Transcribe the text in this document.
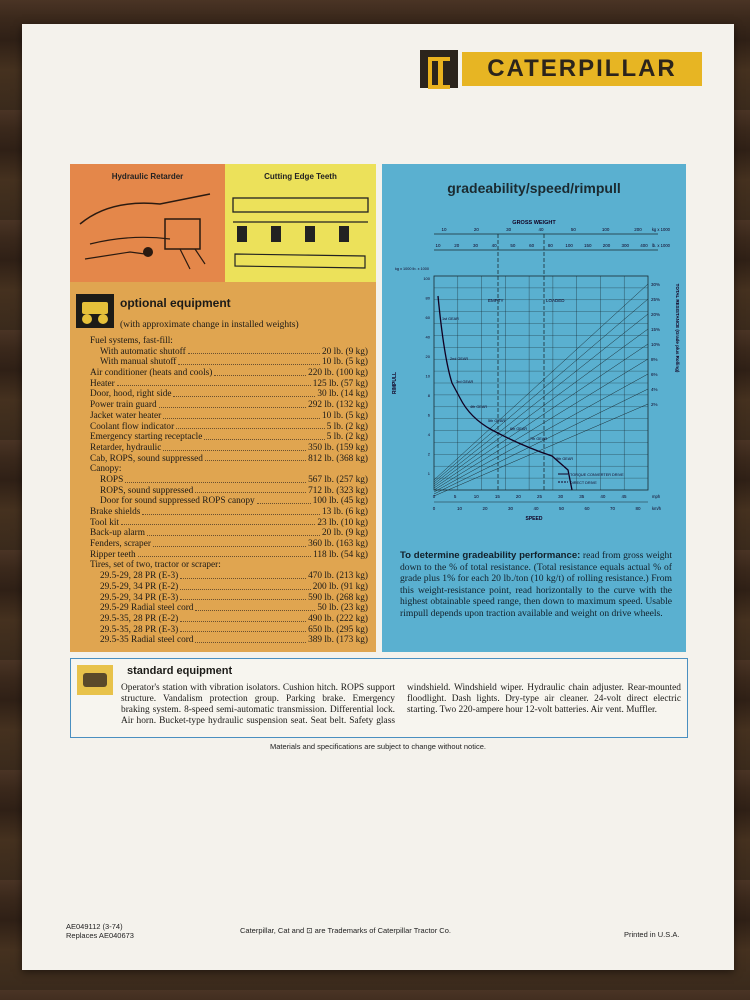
CATERPILLAR
Hydraulic Retarder	Cutting Edge Teeth
optional equipment
(with approximate change in installed weights)
Fuel systems, fast-fill:
With automatic shutoff	20 lb. (9 kg)
With manual shutoff	10 lb. (5 kg)
Air conditioner (heats and cools)	220 lb. (100 kg)
Heater	125 lb. (57 kg)
Door, hood, right side	30 lb. (14 kg)
Power train guard	292 lb. (132 kg)
Jacket water heater	10 lb. (5 kg)
Coolant flow indicator	5 lb. (2 kg)
Emergency starting receptacle	5 lb. (2 kg)
Retarder, hydraulic	350 lb. (159 kg)
Cab, ROPS, sound suppressed	812 lb. (368 kg)
Canopy:
ROPS	567 lb. (257 kg)
ROPS, sound suppressed	712 lb. (323 kg)
Door for sound suppressed ROPS canopy	100 lb. (45 kg)
Brake shields	13 lb. (6 kg)
Tool kit	23 lb. (10 kg)
Back-up alarm	20 lb. (9 kg)
Fenders, scraper	360 lb. (163 kg)
Ripper teeth	118 lb. (54 kg)
Tires, set of two, tractor or scraper:
29.5-29, 28 PR (E-3)	470 lb. (213 kg)
29.5-29, 34 PR (E-2)	200 lb. (91 kg)
29.5-29, 34 PR (E-3)	590 lb. (268 kg)
29.5-29 Radial steel cord	50 lb. (23 kg)
29.5-35, 28 PR (E-2)	490 lb. (222 kg)
29.5-35, 28 PR (E-3)	650 lb. (295 kg)
29.5-35 Radial steel cord	389 lb. (173 kg)
gradeability/speed/rimpull
GROSS WEIGHT
10	20	30	40	50	100	200
10	20	30	40	50	60	80	100 150 200 300 400
kg x 1000
lb. x 1000
30%
25%
20%
15%
10%
8%
6%
4%
2%
EMPTY	LOADED
1st GEAR
2nd GEAR
3rd GEAR
4th GEAR
5th GEAR
6th GEAR
7th GEAR
8th GEAR
RIMPULL
kg x 1000 lb. x 1000
100
80
60
40
20
10
8
6
4
2
1
TOTAL RESISTANCE (Grade plus Rolling)
0	5	10	15	20	25	30	35	40	45	mph
0	10	20	30	40	50	60	70	80	km/h
SPEED
TORQUE CONVERTER DRIVE
DIRECT DRIVE
To determine gradeability performance: read from gross weight down to the % of total resistance. (Total resistance equals actual % of grade plus 1% for each 20 lb./ton (10 kg/t) of rolling resistance.) From this weight-resistance point, read horizontally to the curve with the highest obtainable speed range, then down to maximum speed. Usable rimpull depends upon traction available and weight on drive wheels.
standard equipment
Operator's station with vibration isolators. Cushion hitch. ROPS support structure. Vandalism protection group. Parking brake. Emergency braking system. 8-speed semi-automatic transmission. Differential lock. Air horn. Bucket-type hydraulic suspension seat. Seat belt. Safety glass windshield. Windshield wiper. Hydraulic chain adjuster. Rear-mounted floodlight. Dash lights. Dry-type air cleaner. 24-volt direct electric starting. Two 220-ampere hour 12-volt batteries. Air vent. Muffler.
Materials and specifications are subject to change without notice.
AE049112 (3-74)
Replaces AE040673
Caterpillar, Cat and ⊡ are Trademarks of Caterpillar Tractor Co.	Printed in U.S.A.
